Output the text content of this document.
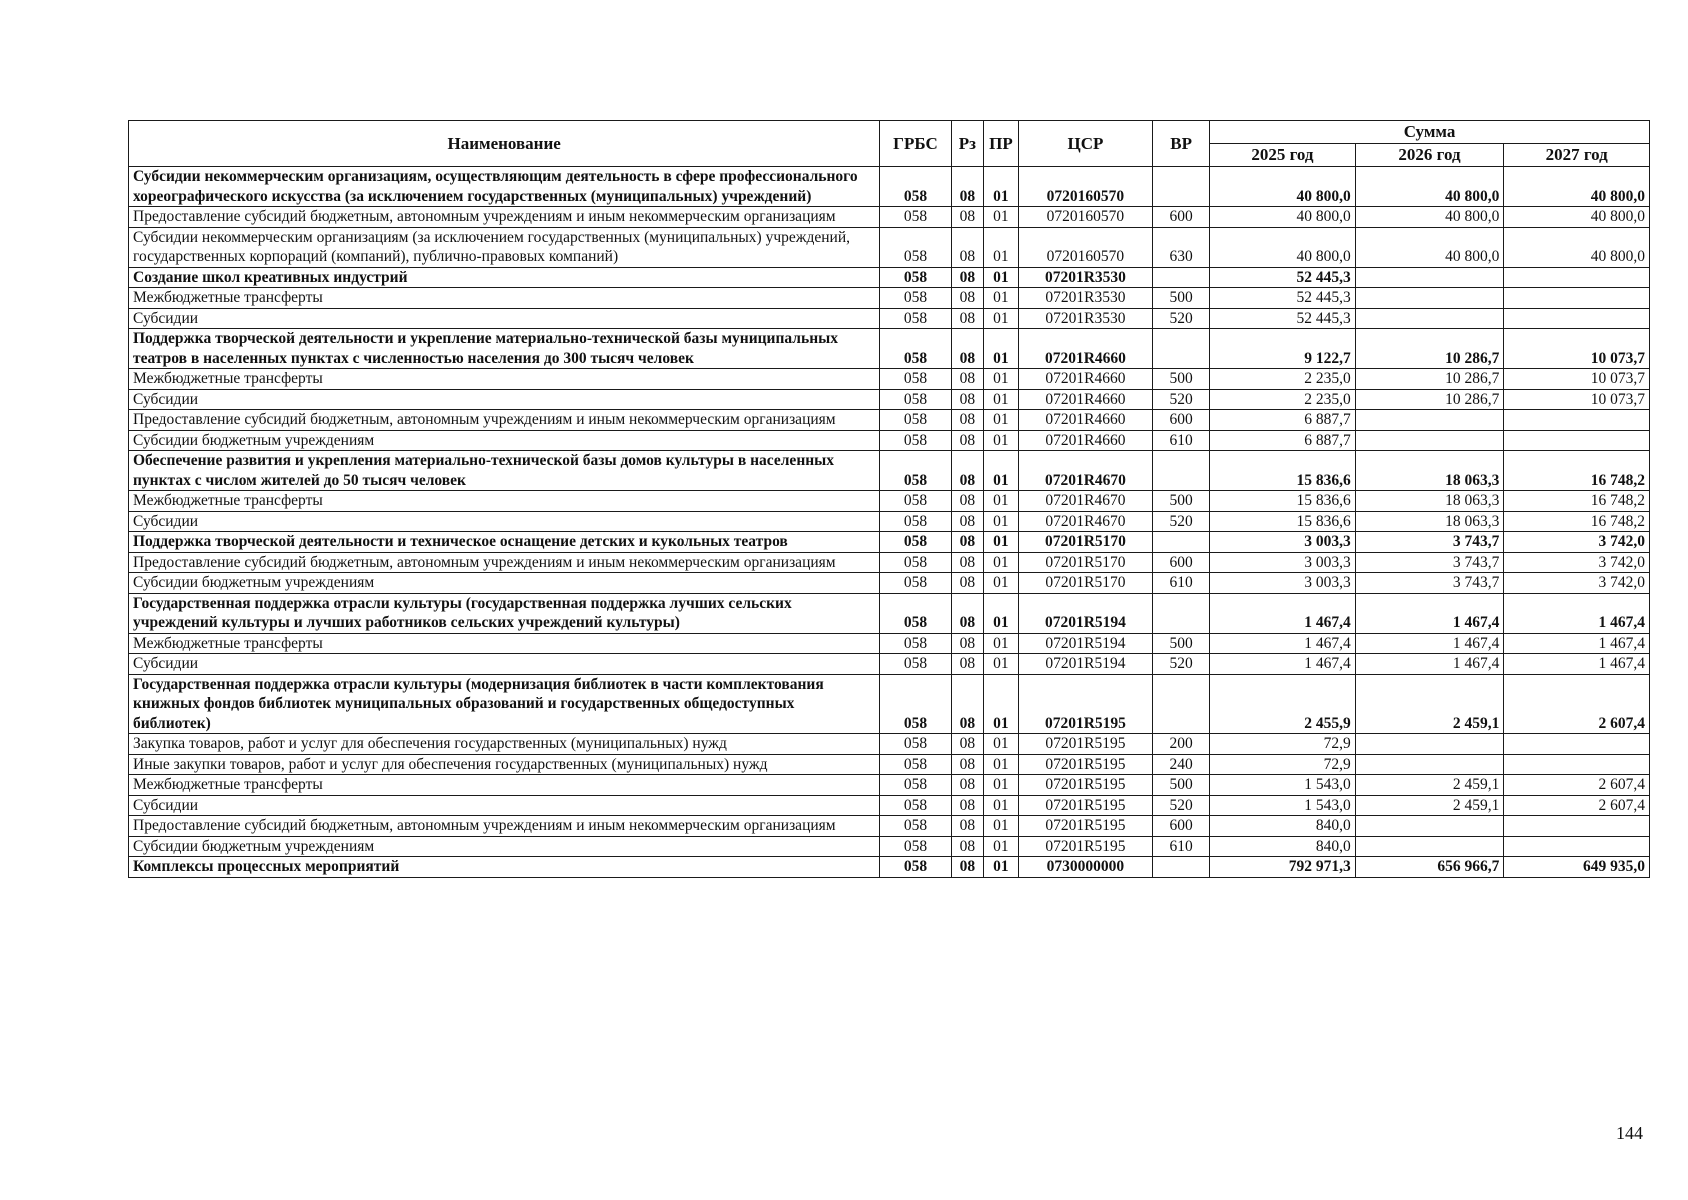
Наименование	ГРБС	Рз	ПР	ЦСР	ВР	Сумма		
						2025 год	2026 год	2027 год
Субсидии некоммерческим организациям, осуществляющим деятельность в сфере профессионального хореографического искусства (за исключением государственных (муниципальных) учреждений)	058	08	01	0720160570		40 800,0	40 800,0	40 800,0
Предоставление субсидий бюджетным, автономным учреждениям и иным некоммерческим организациям	058	08	01	0720160570	600	40 800,0	40 800,0	40 800,0
Субсидии некоммерческим организациям (за исключением государственных (муниципальных) учреждений, государственных корпораций (компаний), публично-правовых компаний)	058	08	01	0720160570	630	40 800,0	40 800,0	40 800,0
Создание школ креативных индустрий	058	08	01	07201R3530		52 445,3		
Межбюджетные трансферты	058	08	01	07201R3530	500	52 445,3		
Субсидии	058	08	01	07201R3530	520	52 445,3		
Поддержка творческой деятельности и укрепление материально-технической базы муниципальных театров в населенных пунктах с численностью населения до 300 тысяч человек	058	08	01	07201R4660		9 122,7	10 286,7	10 073,7
Межбюджетные трансферты	058	08	01	07201R4660	500	2 235,0	10 286,7	10 073,7
Субсидии	058	08	01	07201R4660	520	2 235,0	10 286,7	10 073,7
Предоставление субсидий бюджетным, автономным учреждениям и иным некоммерческим организациям	058	08	01	07201R4660	600	6 887,7		
Субсидии бюджетным учреждениям	058	08	01	07201R4660	610	6 887,7		
Обеспечение развития и укрепления материально-технической базы домов культуры в населенных пунктах с числом жителей до 50 тысяч человек	058	08	01	07201R4670		15 836,6	18 063,3	16 748,2
Межбюджетные трансферты	058	08	01	07201R4670	500	15 836,6	18 063,3	16 748,2
Субсидии	058	08	01	07201R4670	520	15 836,6	18 063,3	16 748,2
Поддержка творческой деятельности и техническое оснащение детских и кукольных театров	058	08	01	07201R5170		3 003,3	3 743,7	3 742,0
Предоставление субсидий бюджетным, автономным учреждениям и иным некоммерческим организациям	058	08	01	07201R5170	600	3 003,3	3 743,7	3 742,0
Субсидии бюджетным учреждениям	058	08	01	07201R5170	610	3 003,3	3 743,7	3 742,0
Государственная поддержка отрасли культуры (государственная поддержка лучших сельских учреждений культуры и лучших работников сельских учреждений культуры)	058	08	01	07201R5194		1 467,4	1 467,4	1 467,4
Межбюджетные трансферты	058	08	01	07201R5194	500	1 467,4	1 467,4	1 467,4
Субсидии	058	08	01	07201R5194	520	1 467,4	1 467,4	1 467,4
Государственная поддержка отрасли культуры (модернизация библиотек в части комплектования книжных фондов библиотек муниципальных образований и государственных общедоступных библиотек)	058	08	01	07201R5195		2 455,9	2 459,1	2 607,4
Закупка товаров, работ и услуг для обеспечения государственных (муниципальных) нужд	058	08	01	07201R5195	200	72,9		
Иные закупки товаров, работ и услуг для обеспечения государственных (муниципальных) нужд	058	08	01	07201R5195	240	72,9		
Межбюджетные трансферты	058	08	01	07201R5195	500	1 543,0	2 459,1	2 607,4
Субсидии	058	08	01	07201R5195	520	1 543,0	2 459,1	2 607,4
Предоставление субсидий бюджетным, автономным учреждениям и иным некоммерческим организациям	058	08	01	07201R5195	600	840,0		
Субсидии бюджетным учреждениям	058	08	01	07201R5195	610	840,0		
Комплексы процессных мероприятий	058	08	01	0730000000		792 971,3	656 966,7	649 935,0
144
